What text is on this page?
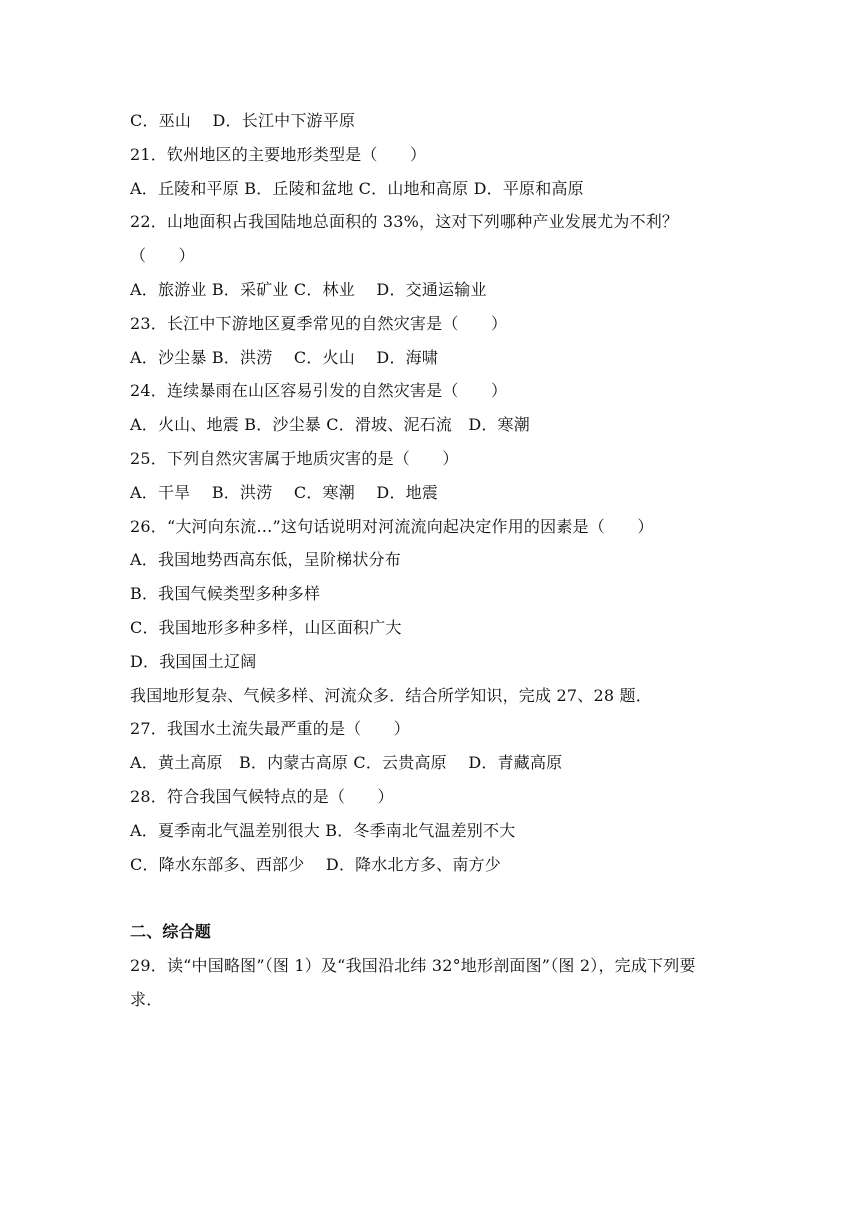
C．巫山　 D．长江中下游平原
21．钦州地区的主要地形类型是（　　）
A．丘陵和平原 B．丘陵和盆地 C．山地和高原 D．平原和高原
22．山地面积占我国陆地总面积的 33%，这对下列哪种产业发展尤为不利？
（　　）
A．旅游业 B．采矿业 C．林业　 D．交通运输业
23．长江中下游地区夏季常见的自然灾害是（　　）
A．沙尘暴 B．洪涝　 C．火山　 D．海啸
24．连续暴雨在山区容易引发的自然灾害是（　　）
A．火山、地震 B．沙尘暴 C．滑坡、泥石流　D．寒潮
25．下列自然灾害属于地质灾害的是（　　）
A．干旱　 B．洪涝　 C．寒潮　 D．地震
26．“大河向东流…”这句话说明对河流流向起决定作用的因素是（　　）
A．我国地势西高东低，呈阶梯状分布
B．我国气候类型多种多样
C．我国地形多种多样，山区面积广大
D．我国国土辽阔
我国地形复杂、气候多样、河流众多．结合所学知识，完成 27、28 题．
27．我国水土流失最严重的是（　　）
A．黄土高原　B．内蒙古高原 C．云贵高原　 D．青藏高原
28．符合我国气候特点的是（　　）
A．夏季南北气温差别很大 B．冬季南北气温差别不大
C．降水东部多、西部少　 D．降水北方多、南方少
二、综合题
29．读“中国略图”（图 1）及“我国沿北纬 32°地形剖面图”（图 2），完成下列要
求．
